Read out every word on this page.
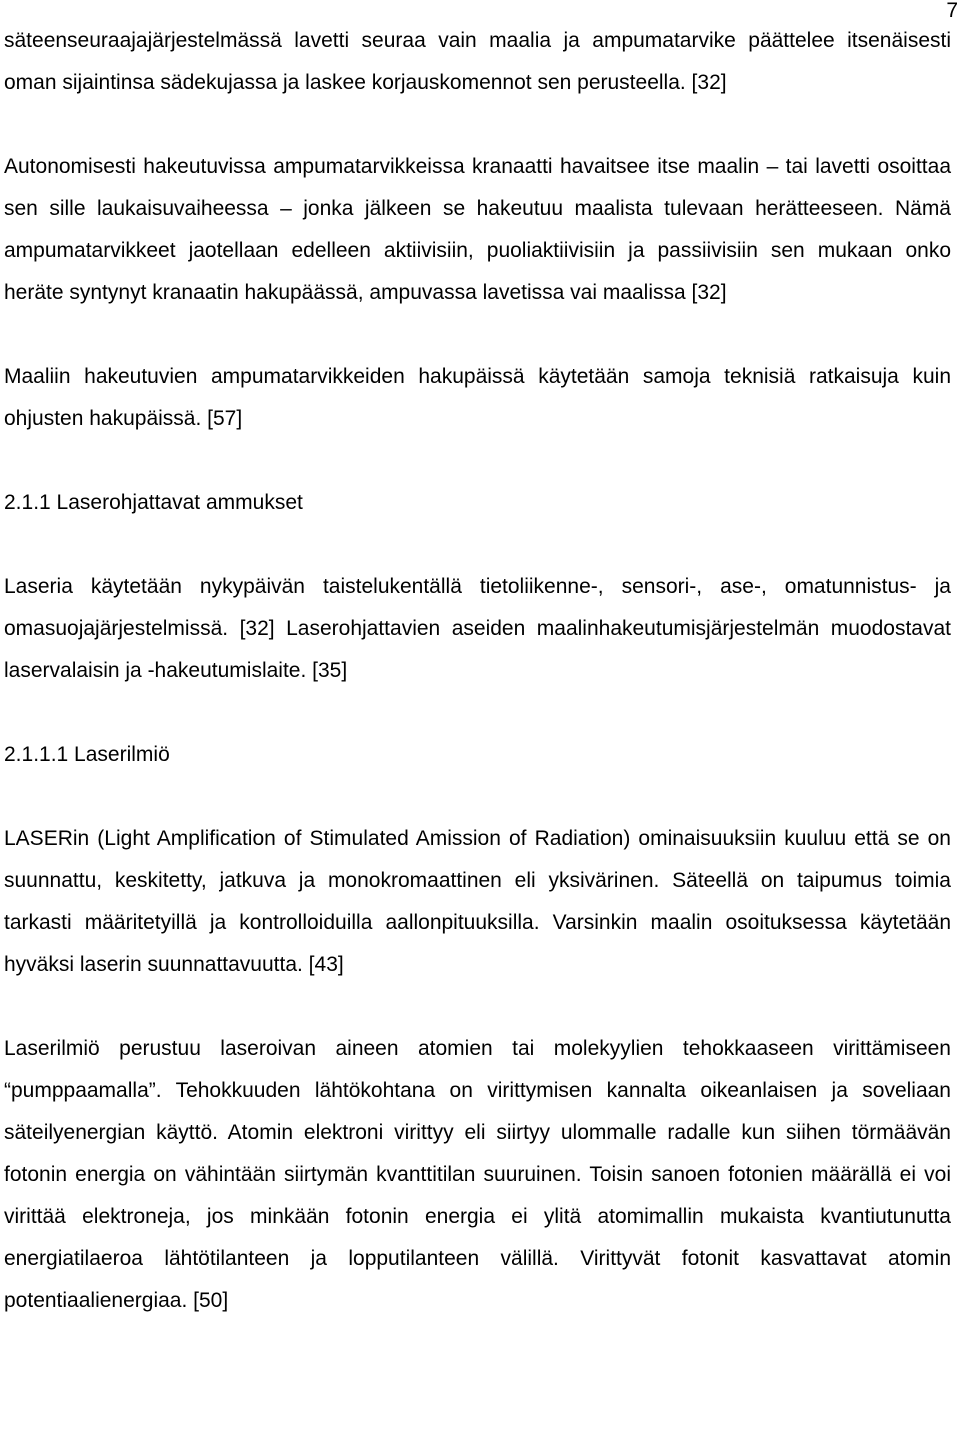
7

säteenseuraajajärjestelmässä lavetti seuraa vain maalia ja ampumatarvike päättelee itsenäisesti oman sijaintinsa sädekujassa ja laskee korjauskomennot sen perusteella. [32]

Autonomisesti hakeutuvissa ampumatarvikkeissa kranaatti havaitsee itse maalin – tai lavetti osoittaa sen sille laukaisuvaiheessa – jonka jälkeen se hakeutuu maalista tulevaan herätteeseen. Nämä ampumatarvikkeet jaotellaan edelleen aktiivisiin, puoliaktiivisiin ja passiivisiin sen mukaan onko heräte syntynyt kranaatin hakupäässä, ampuvassa lavetissa vai maalissa [32]

Maaliin hakeutuvien ampumatarvikkeiden hakupäissä käytetään samoja teknisiä ratkaisuja kuin ohjusten hakupäissä. [57]

2.1.1 Laserohjattavat ammukset

Laseria käytetään nykypäivän taistelukentällä tietoliikenne-, sensori-, ase-, omatunnistus- ja omasuojajärjestelmissä. [32] Laserohjattavien aseiden maalinhakeutumisjärjestelmän muodostavat laservalaisin ja -hakeutumislaite. [35]

2.1.1.1 Laserilmiö

LASERin (Light Amplification of Stimulated Amission of Radiation) ominaisuuksiin kuuluu että se on suunnattu, keskitetty, jatkuva ja monokromaattinen eli yksivärinen. Säteellä on taipumus toimia tarkasti määritetyillä ja kontrolloiduilla aallonpituuksilla. Varsinkin maalin osoituksessa käytetään hyväksi laserin suunnattavuutta. [43]

Laserilmiö perustuu laseroivan aineen atomien tai molekyylien tehokkaaseen virittämiseen “pumppaamalla”. Tehokkuuden lähtökohtana on virittymisen kannalta oikeanlaisen ja soveliaan säteilyenergian käyttö. Atomin elektroni virittyy eli siirtyy ulommalle radalle kun siihen törmäävän fotonin energia on vähintään siirtymän kvanttitilan suuruinen. Toisin sanoen fotonien määrällä ei voi virittää elektroneja, jos minkään fotonin energia ei ylitä atomimallin mukaista kvantiutunutta energiatilaeroa lähtötilanteen ja lopputilanteen välillä. Virittyvät fotonit kasvattavat atomin potentiaalienergiaa. [50]
